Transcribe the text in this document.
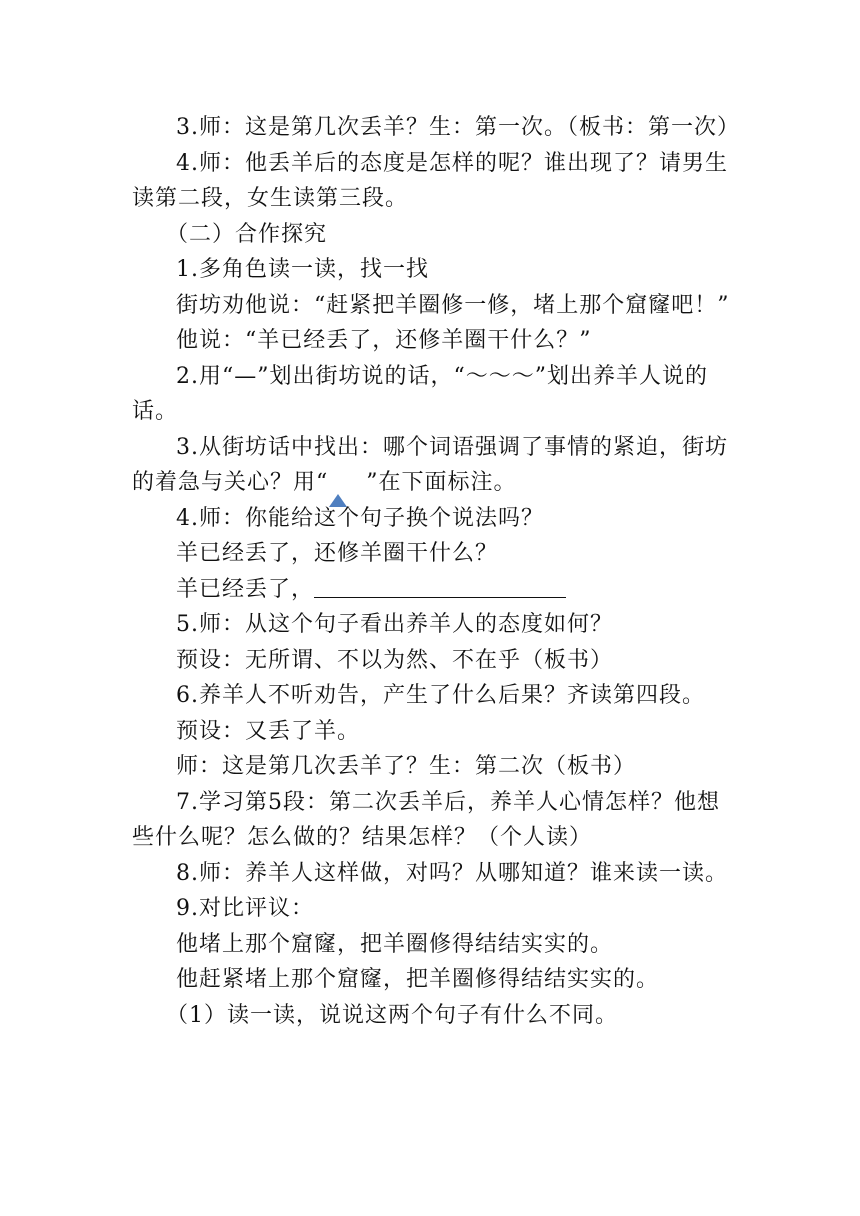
3.师：这是第几次丢羊？生：第一次。（板书：第一次）

4.师：他丢羊后的态度是怎样的呢？谁出现了？请男生读第二段，女生读第三段。

（二）合作探究

1.多角色读一读，找一找

街坊劝他说：“赶紧把羊圈修一修，堵上那个窟窿吧！”

他说：“羊已经丢了，还修羊圈干什么？”

2.用“—”划出街坊说的话，“～～～”划出养羊人说的话。

3.从街坊话中找出：哪个词语强调了事情的紧迫，街坊的着急与关心？用“ ”在下面标注。

4.师：你能给这个句子换个说法吗？

羊已经丢了，还修羊圈干什么？

羊已经丢了，

5.师：从这个句子看出养羊人的态度如何？

预设：无所谓、不以为然、不在乎（板书）

6.养羊人不听劝告，产生了什么后果？齐读第四段。

预设：又丢了羊。

师：这是第几次丢羊了？生：第二次（板书）

7.学习第5段：第二次丢羊后，养羊人心情怎样？他想些什么呢？怎么做的？结果怎样？（个人读）

8.师：养羊人这样做，对吗？从哪知道？谁来读一读。

9.对比评议：

他堵上那个窟窿，把羊圈修得结结实实的。

他赶紧堵上那个窟窿，把羊圈修得结结实实的。

（1）读一读，说说这两个句子有什么不同。
